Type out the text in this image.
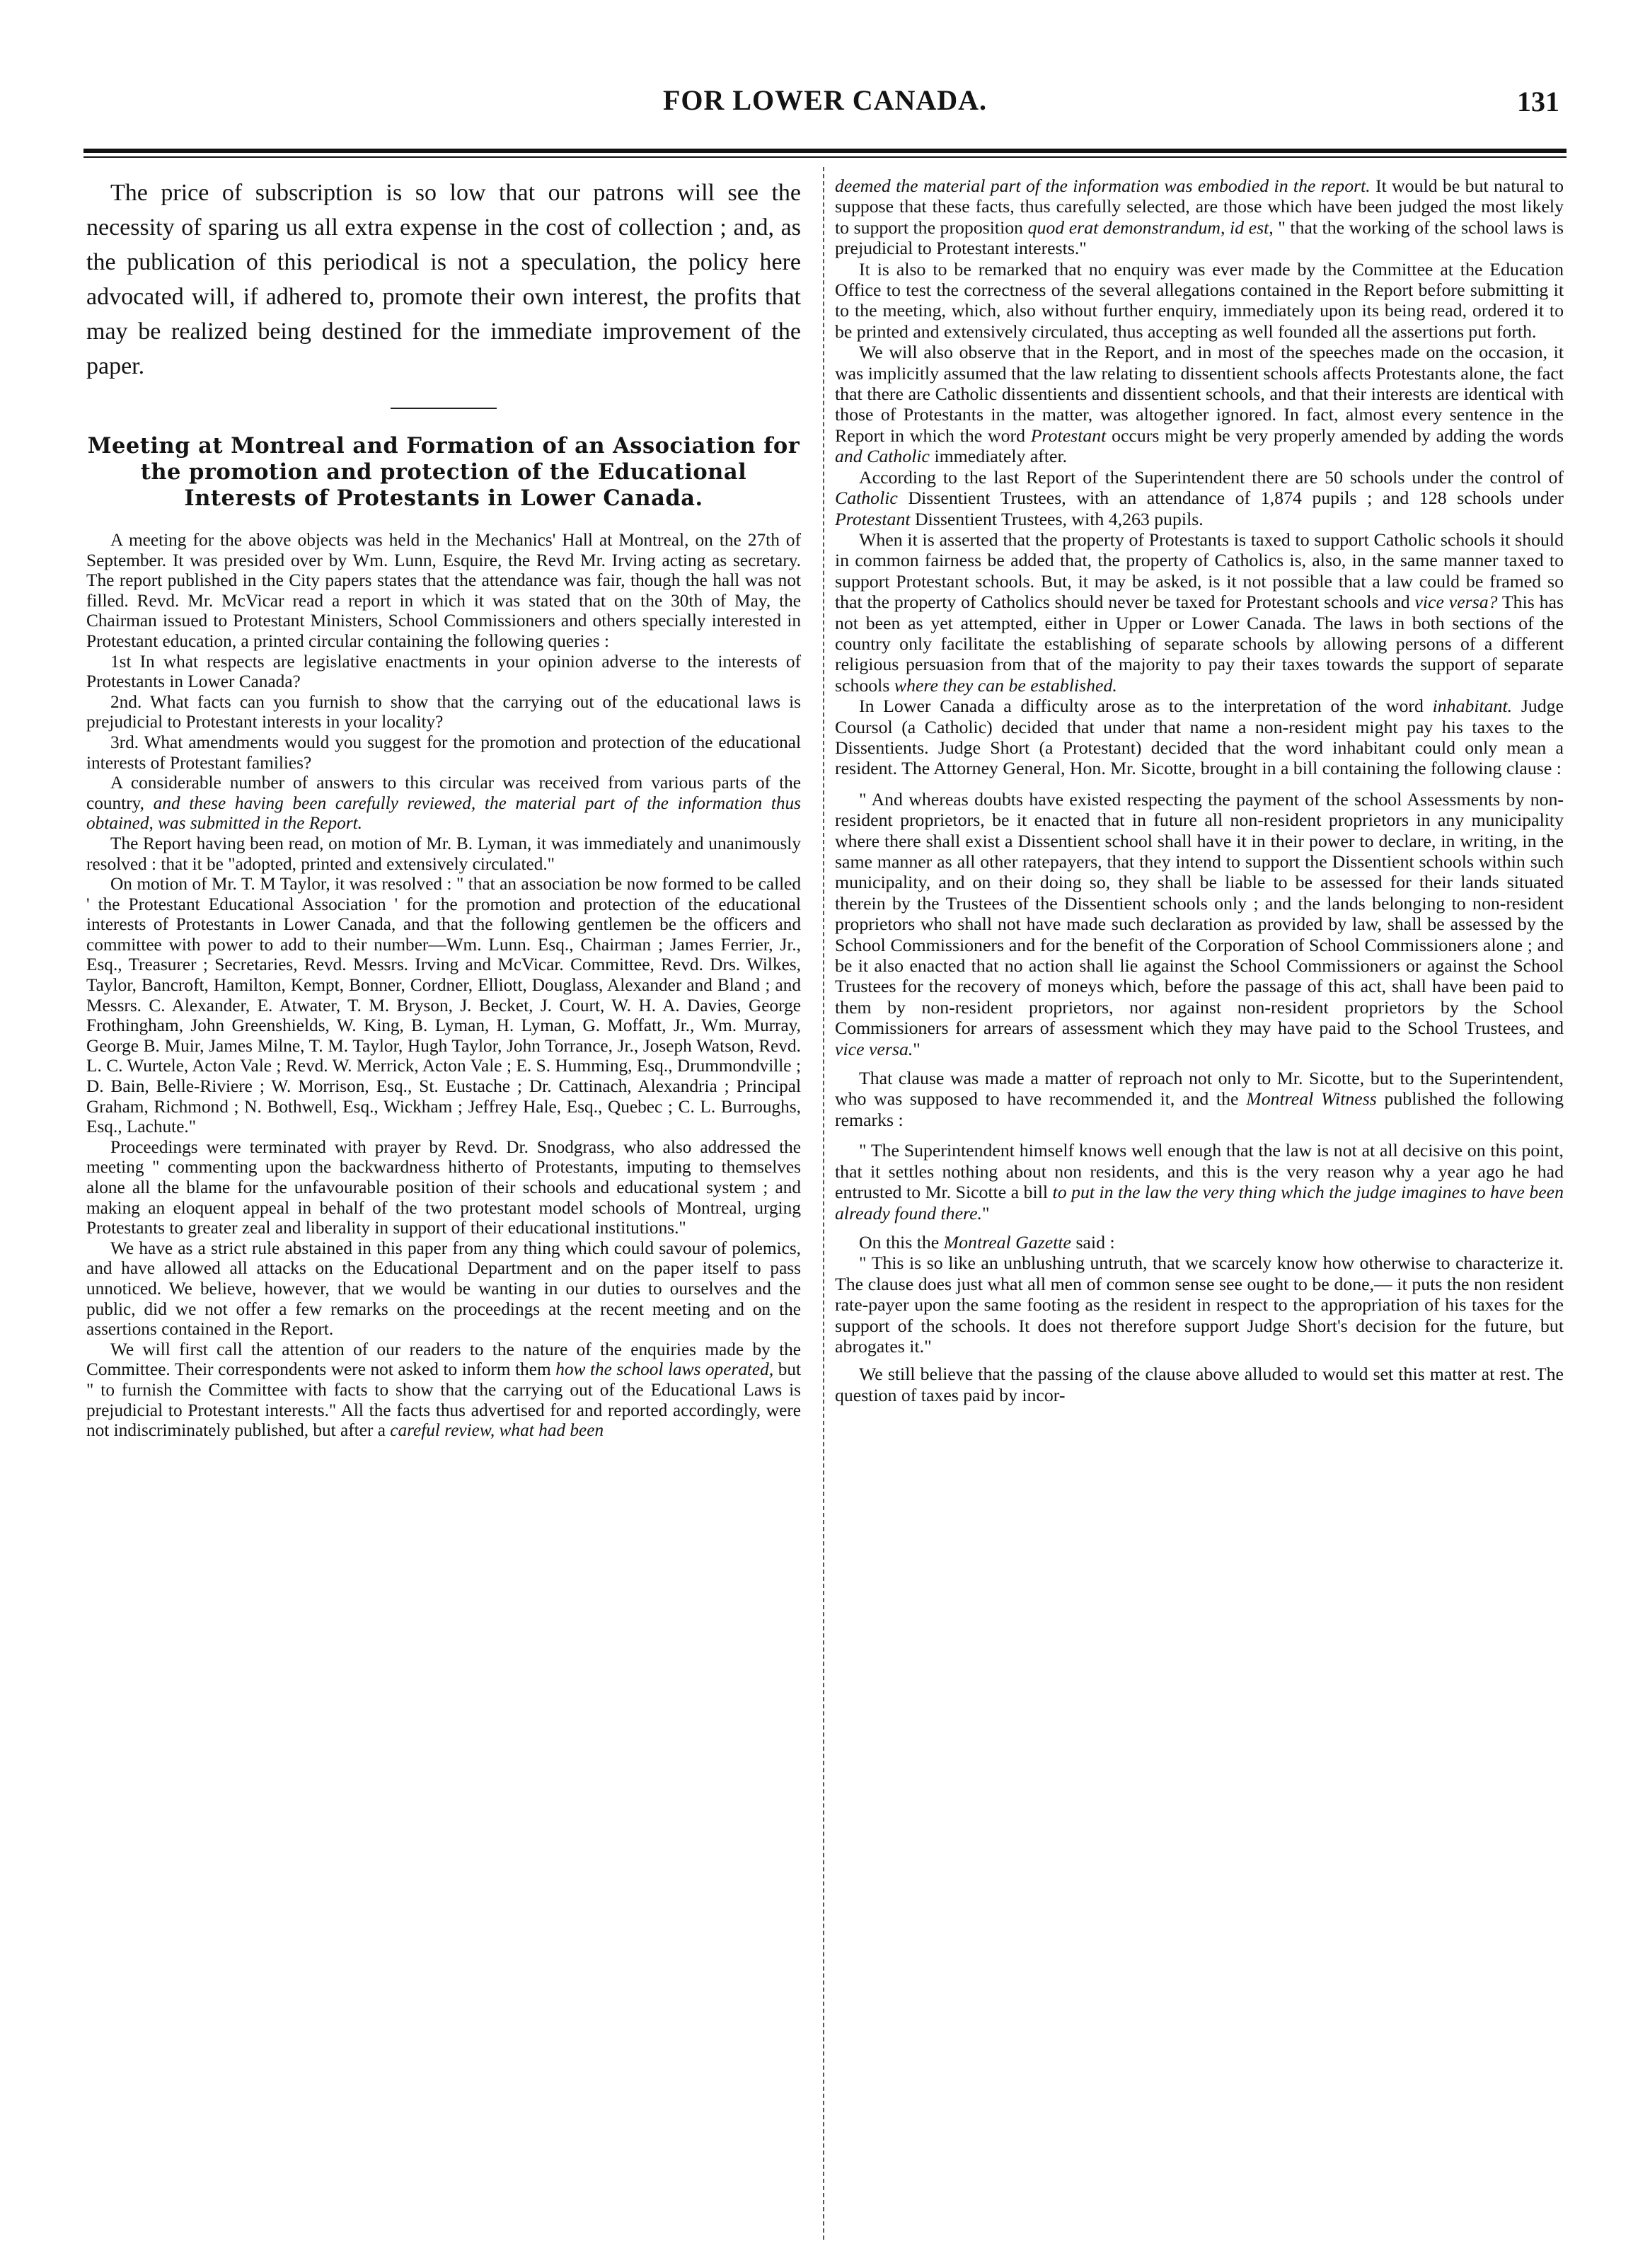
FOR LOWER CANADA.	131

The price of subscription is so low that our patrons will see the necessity of sparing us all extra expense in the cost of collection ; and, as the publication of this periodical is not a speculation, the policy here advocated will, if adhered to, promote their own interest, the profits that may be realized being destined for the immediate improvement of the paper.

Meeting at Montreal and Formation of an Association for the promotion and protection of the Educational Interests of Protestants in Lower Canada.

A meeting for the above objects was held in the Mechanics' Hall at Montreal, on the 27th of September. It was presided over by Wm. Lunn, Esquire, the Revd Mr. Irving acting as secretary. The report published in the City papers states that the attendance was fair, though the hall was not filled. Revd. Mr. McVicar read a report in which it was stated that on the 30th of May, the Chairman issued to Protestant Ministers, School Commissioners and others specially interested in Protestant education, a printed circular containing the following queries :

1st In what respects are legislative enactments in your opinion adverse to the interests of Protestants in Lower Canada?

2nd. What facts can you furnish to show that the carrying out of the educational laws is prejudicial to Protestant interests in your locality?

3rd. What amendments would you suggest for the promotion and protection of the educational interests of Protestant families?

A considerable number of answers to this circular was received from various parts of the country, and these having been carefully reviewed, the material part of the information thus obtained, was submitted in the Report.

The Report having been read, on motion of Mr. B. Lyman, it was immediately and unanimously resolved : that it be "adopted, printed and extensively circulated."

On motion of Mr. T. M Taylor, it was resolved : " that an association be now formed to be called ' the Protestant Educational Association ' for the promotion and protection of the educational interests of Protestants in Lower Canada, and that the following gentlemen be the officers and committee with power to add to their number—Wm. Lunn. Esq., Chairman ; James Ferrier, Jr., Esq., Treasurer ; Secretaries, Revd. Messrs. Irving and McVicar. Committee, Revd. Drs. Wilkes, Taylor, Bancroft, Hamilton, Kempt, Bonner, Cordner, Elliott, Douglass, Alexander and Bland ; and Messrs. C. Alexander, E. Atwater, T. M. Bryson, J. Becket, J. Court, W. H. A. Davies, George Frothingham, John Greenshields, W. King, B. Lyman, H. Lyman, G. Moffatt, Jr., Wm. Murray, George B. Muir, James Milne, T. M. Taylor, Hugh Taylor, John Torrance, Jr., Joseph Watson, Revd. L. C. Wurtele, Acton Vale ; Revd. W. Merrick, Acton Vale ; E. S. Humming, Esq., Drummondville ; D. Bain, Belle-Riviere ; W. Morrison, Esq., St. Eustache ; Dr. Cattinach, Alexandria ; Principal Graham, Richmond ; N. Bothwell, Esq., Wickham ; Jeffrey Hale, Esq., Quebec ; C. L. Burroughs, Esq., Lachute."

Proceedings were terminated with prayer by Revd. Dr. Snodgrass, who also addressed the meeting " commenting upon the backwardness hitherto of Protestants, imputing to themselves alone all the blame for the unfavourable position of their schools and educational system ; and making an eloquent appeal in behalf of the two protestant model schools of Montreal, urging Protestants to greater zeal and liberality in support of their educational institutions."

We have as a strict rule abstained in this paper from any thing which could savour of polemics, and have allowed all attacks on the Educational Department and on the paper itself to pass unnoticed. We believe, however, that we would be wanting in our duties to ourselves and the public, did we not offer a few remarks on the proceedings at the recent meeting and on the assertions contained in the Report.

We will first call the attention of our readers to the nature of the enquiries made by the Committee. Their correspondents were not asked to inform them how the school laws operated, but " to furnish the Committee with facts to show that the carrying out of the Educational Laws is prejudicial to Protestant interests." All the facts thus advertised for and reported accordingly, were not indiscriminately published, but after a careful review, what had been

deemed the material part of the information was embodied in the report. It would be but natural to suppose that these facts, thus carefully selected, are those which have been judged the most likely to support the proposition quod erat demonstrandum, id est, " that the working of the school laws is prejudicial to Protestant interests."

It is also to be remarked that no enquiry was ever made by the Committee at the Education Office to test the correctness of the several allegations contained in the Report before submitting it to the meeting, which, also without further enquiry, immediately upon its being read, ordered it to be printed and extensively circulated, thus accepting as well founded all the assertions put forth.

We will also observe that in the Report, and in most of the speeches made on the occasion, it was implicitly assumed that the law relating to dissentient schools affects Protestants alone, the fact that there are Catholic dissentients and dissentient schools, and that their interests are identical with those of Protestants in the matter, was altogether ignored. In fact, almost every sentence in the Report in which the word Protestant occurs might be very properly amended by adding the words and Catholic immediately after.

According to the last Report of the Superintendent there are 50 schools under the control of Catholic Dissentient Trustees, with an attendance of 1,874 pupils ; and 128 schools under Protestant Dissentient Trustees, with 4,263 pupils.

When it is asserted that the property of Protestants is taxed to support Catholic schools it should in common fairness be added that, the property of Catholics is, also, in the same manner taxed to support Protestant schools. But, it may be asked, is it not possible that a law could be framed so that the property of Catholics should never be taxed for Protestant schools and vice versa? This has not been as yet attempted, either in Upper or Lower Canada. The laws in both sections of the country only facilitate the establishing of separate schools by allowing persons of a different religious persuasion from that of the majority to pay their taxes towards the support of separate schools where they can be established.

In Lower Canada a difficulty arose as to the interpretation of the word inhabitant. Judge Coursol (a Catholic) decided that under that name a non-resident might pay his taxes to the Dissentients. Judge Short (a Protestant) decided that the word inhabitant could only mean a resident. The Attorney General, Hon. Mr. Sicotte, brought in a bill containing the following clause :

" And whereas doubts have existed respecting the payment of the school Assessments by non-resident proprietors, be it enacted that in future all non-resident proprietors in any municipality where there shall exist a Dissentient school shall have it in their power to declare, in writing, in the same manner as all other ratepayers, that they intend to support the Dissentient schools within such municipality, and on their doing so, they shall be liable to be assessed for their lands situated therein by the Trustees of the Dissentient schools only ; and the lands belonging to non-resident proprietors who shall not have made such declaration as provided by law, shall be assessed by the School Commissioners and for the benefit of the Corporation of School Commissioners alone ; and be it also enacted that no action shall lie against the School Commissioners or against the School Trustees for the recovery of moneys which, before the passage of this act, shall have been paid to them by non-resident proprietors, nor against non-resident proprietors by the School Commissioners for arrears of assessment which they may have paid to the School Trustees, and vice versa."

That clause was made a matter of reproach not only to Mr. Sicotte, but to the Superintendent, who was supposed to have recommended it, and the Montreal Witness published the following remarks :

" The Superintendent himself knows well enough that the law is not at all decisive on this point, that it settles nothing about non residents, and this is the very reason why a year ago he had entrusted to Mr. Sicotte a bill to put in the law the very thing which the judge imagines to have been already found there."

On this the Montreal Gazette said :

" This is so like an unblushing untruth, that we scarcely know how otherwise to characterize it. The clause does just what all men of common sense see ought to be done,— it puts the non resident rate-payer upon the same footing as the resident in respect to the appropriation of his taxes for the support of the schools. It does not therefore support Judge Short's decision for the future, but abrogates it."

We still believe that the passing of the clause above alluded to would set this matter at rest. The question of taxes paid by incor-
